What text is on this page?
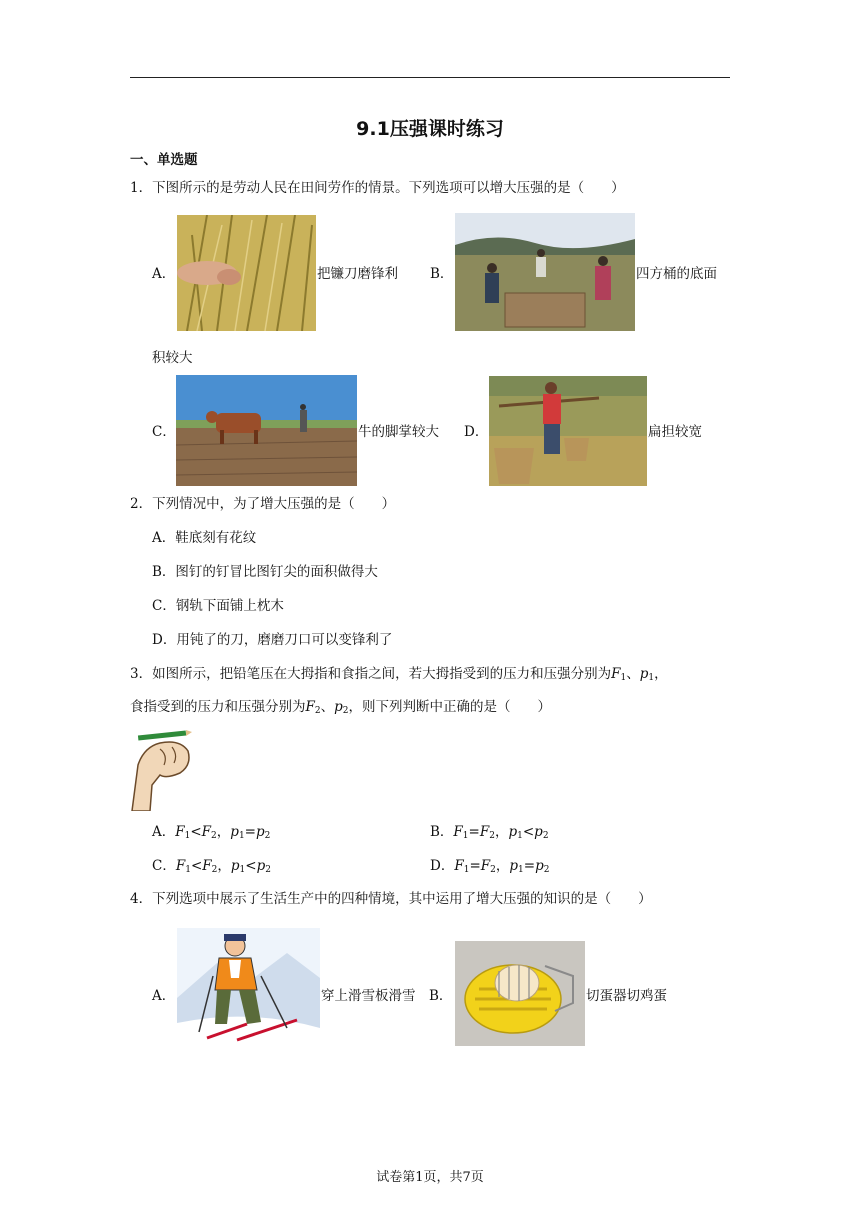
9.1压强课时练习
一、单选题
1．下图所示的是劳动人民在田间劳作的情景。下列选项可以增大压强的是（　　）
A．	把镰刀磨锋利 B．	四方桶的底面
积较大
C．	牛的脚掌较大 D．	扁担较宽
2．下列情况中，为了增大压强的是（　　）
A．鞋底刻有花纹
B．图钉的钉冒比图钉尖的面积做得大
C．钢轨下面铺上枕木
D．用钝了的刀，磨磨刀口可以变锋利了
3．如图所示，把铅笔压在大拇指和食指之间，若大拇指受到的压力和压强分别为$F_1$、$p_1$，
食指受到的压力和压强分别为$F_2$、$p_2$，则下列判断中正确的是（　　）
A．$F_1<F_2$，$p_1=p_2$	B．$F_1=F_2$，$p_1<p_2$
C．$F_1<F_2$，$p_1<p_2$	D．$F_1=F_2$，$p_1=p_2$
4．下列选项中展示了生活生产中的四种情境，其中运用了增大压强的知识的是（　　）
A．	穿上滑雪板滑雪 B．	切蛋器切鸡蛋
试卷第1页，共7页
